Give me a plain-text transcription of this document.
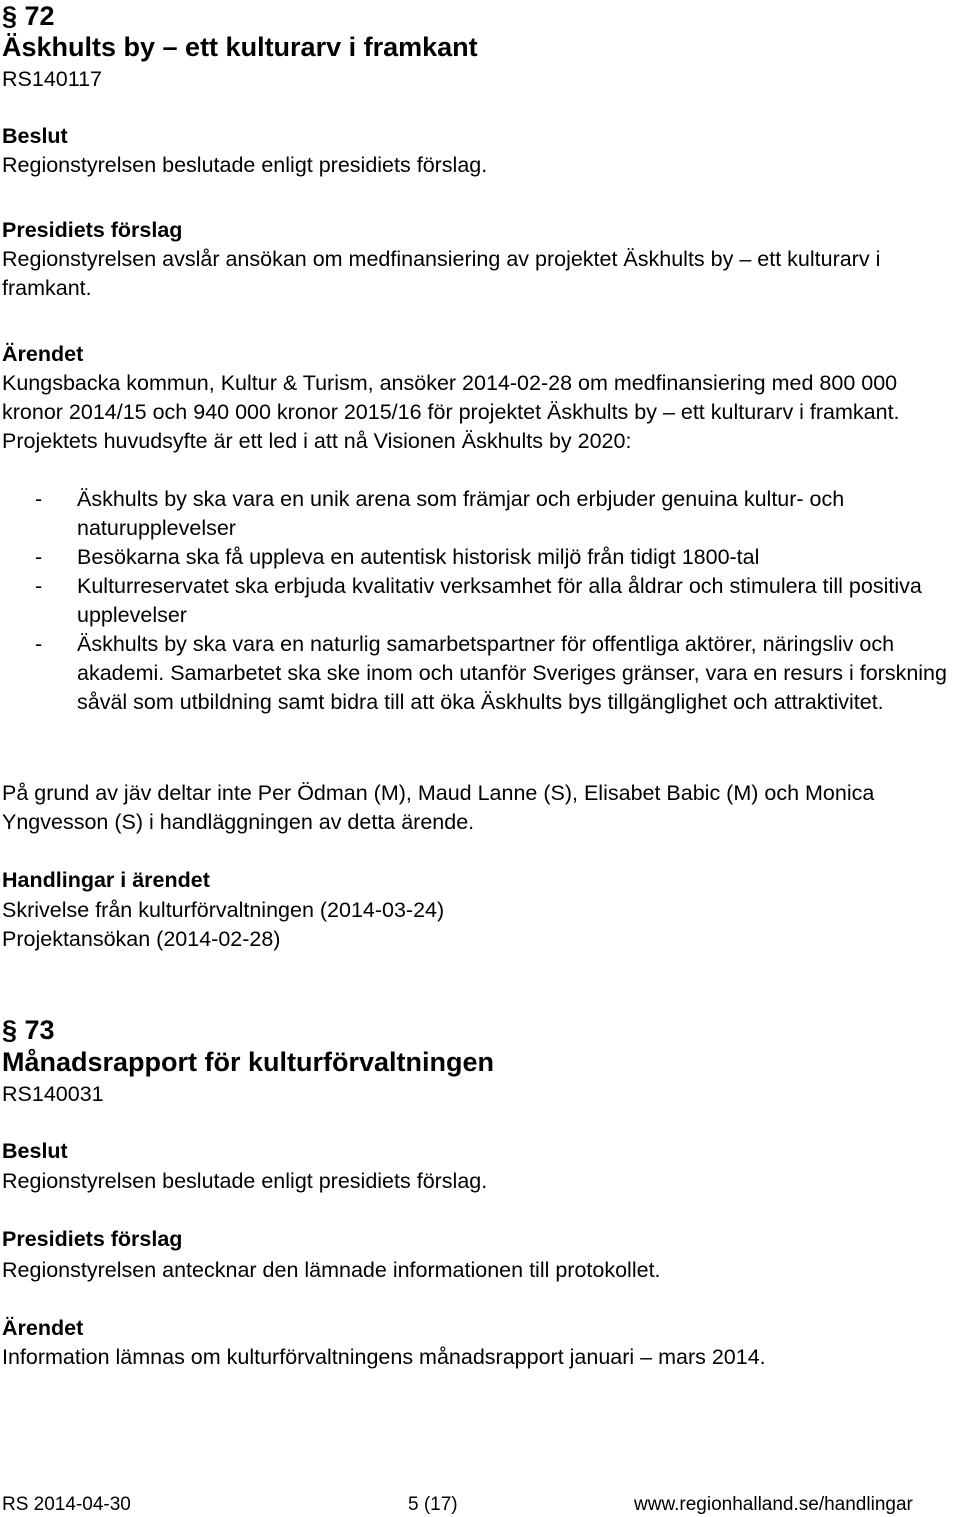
§ 72
Äskhults by – ett kulturarv i framkant
RS140117
Beslut
Regionstyrelsen beslutade enligt presidiets förslag.
Presidiets förslag

Regionstyrelsen avslår ansökan om medfinansiering av projektet Äskhults by – ett kulturarv i framkant.

Ärendet

Kungsbacka kommun, Kultur & Turism, ansöker 2014-02-28 om medfinansiering med 800 000 kronor 2014/15 och 940 000 kronor 2015/16 för projektet Äskhults by – ett kulturarv i framkant. Projektets huvudsyfte är ett led i att nå Visionen Äskhults by 2020:

- Äskhults by ska vara en unik arena som främjar och erbjuder genuina kultur- och naturupplevelser
- Besökarna ska få uppleva en autentisk historisk miljö från tidigt 1800-tal
- Kulturreservatet ska erbjuda kvalitativ verksamhet för alla åldrar och stimulera till positiva upplevelser
- Äskhults by ska vara en naturlig samarbetspartner för offentliga aktörer, näringsliv och akademi. Samarbetet ska ske inom och utanför Sveriges gränser, vara en resurs i forskning såväl som utbildning samt bidra till att öka Äskhults bys tillgänglighet och attraktivitet.

På grund av jäv deltar inte Per Ödman (M), Maud Lanne (S), Elisabet Babic (M) och Monica Yngvesson (S) i handläggningen av detta ärende.

Handlingar i ärendet
Skrivelse från kulturförvaltningen (2014-03-24)
Projektansökan (2014-02-28)
§ 73
Månadsrapport för kulturförvaltningen
RS140031
Beslut
Regionstyrelsen beslutade enligt presidiets förslag.
Presidiets förslag
Regionstyrelsen antecknar den lämnade informationen till protokollet.
Ärendet
Information lämnas om kulturförvaltningens månadsrapport januari – mars 2014.
RS 2014-04-30	5 (17)	www.regionhalland.se/handlingar
